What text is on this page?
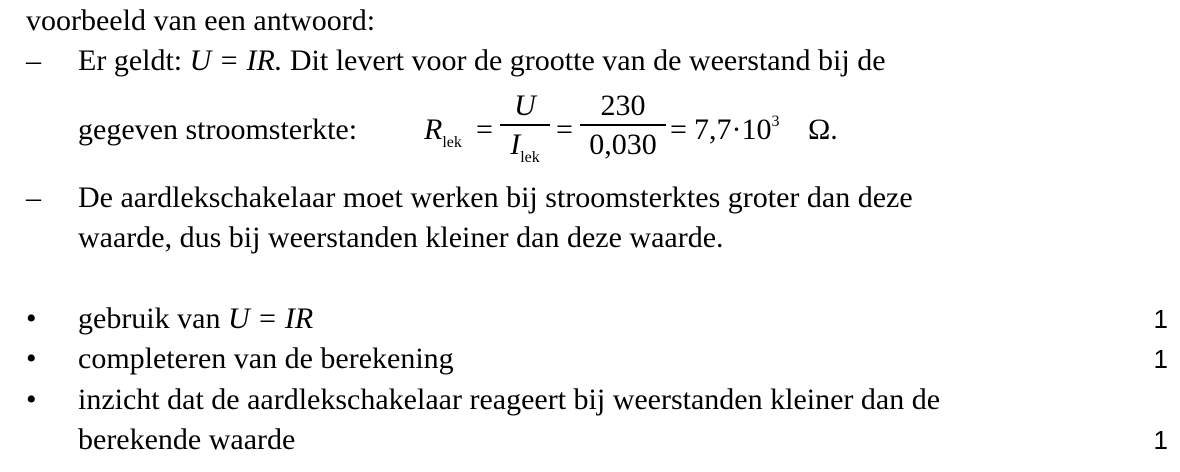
voorbeeld van een antwoord:
– Er geldt: U = IR. Dit levert voor de grootte van de weerstand bij de
gegeven stroomsterkte: $R_{lek}$ =
U
$I_{lek}$
=
230
$0,030 = 7,7\cdot 10^3$ Ω.
– De aardlekschakelaar moet werken bij stroomsterktes groter dan deze
waarde, dus bij weerstanden kleiner dan deze waarde.
• gebruik van U = IR	1
• completeren van de berekening	1
• inzicht dat de aardlekschakelaar reageert bij weerstanden kleiner dan de
berekende waarde	1
